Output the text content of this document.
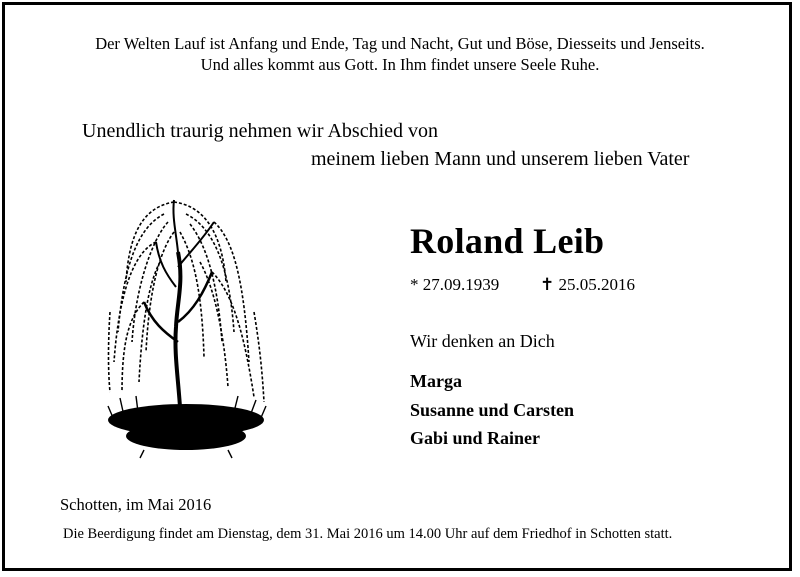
Der Welten Lauf ist Anfang und Ende, Tag und Nacht, Gut und Böse, Diesseits und Jenseits.
Und alles kommt aus Gott. In Ihm findet unsere Seele Ruhe.
Unendlich traurig nehmen wir Abschied von
meinem lieben Mann und unserem lieben Vater
Roland Leib
* 27.09.1939 ✝ 25.05.2016
Wir denken an Dich
Marga
Susanne und Carsten
Gabi und Rainer
Schotten, im Mai 2016
Die Beerdigung findet am Dienstag, dem 31. Mai 2016 um 14.00 Uhr auf dem Friedhof in Schotten statt.
